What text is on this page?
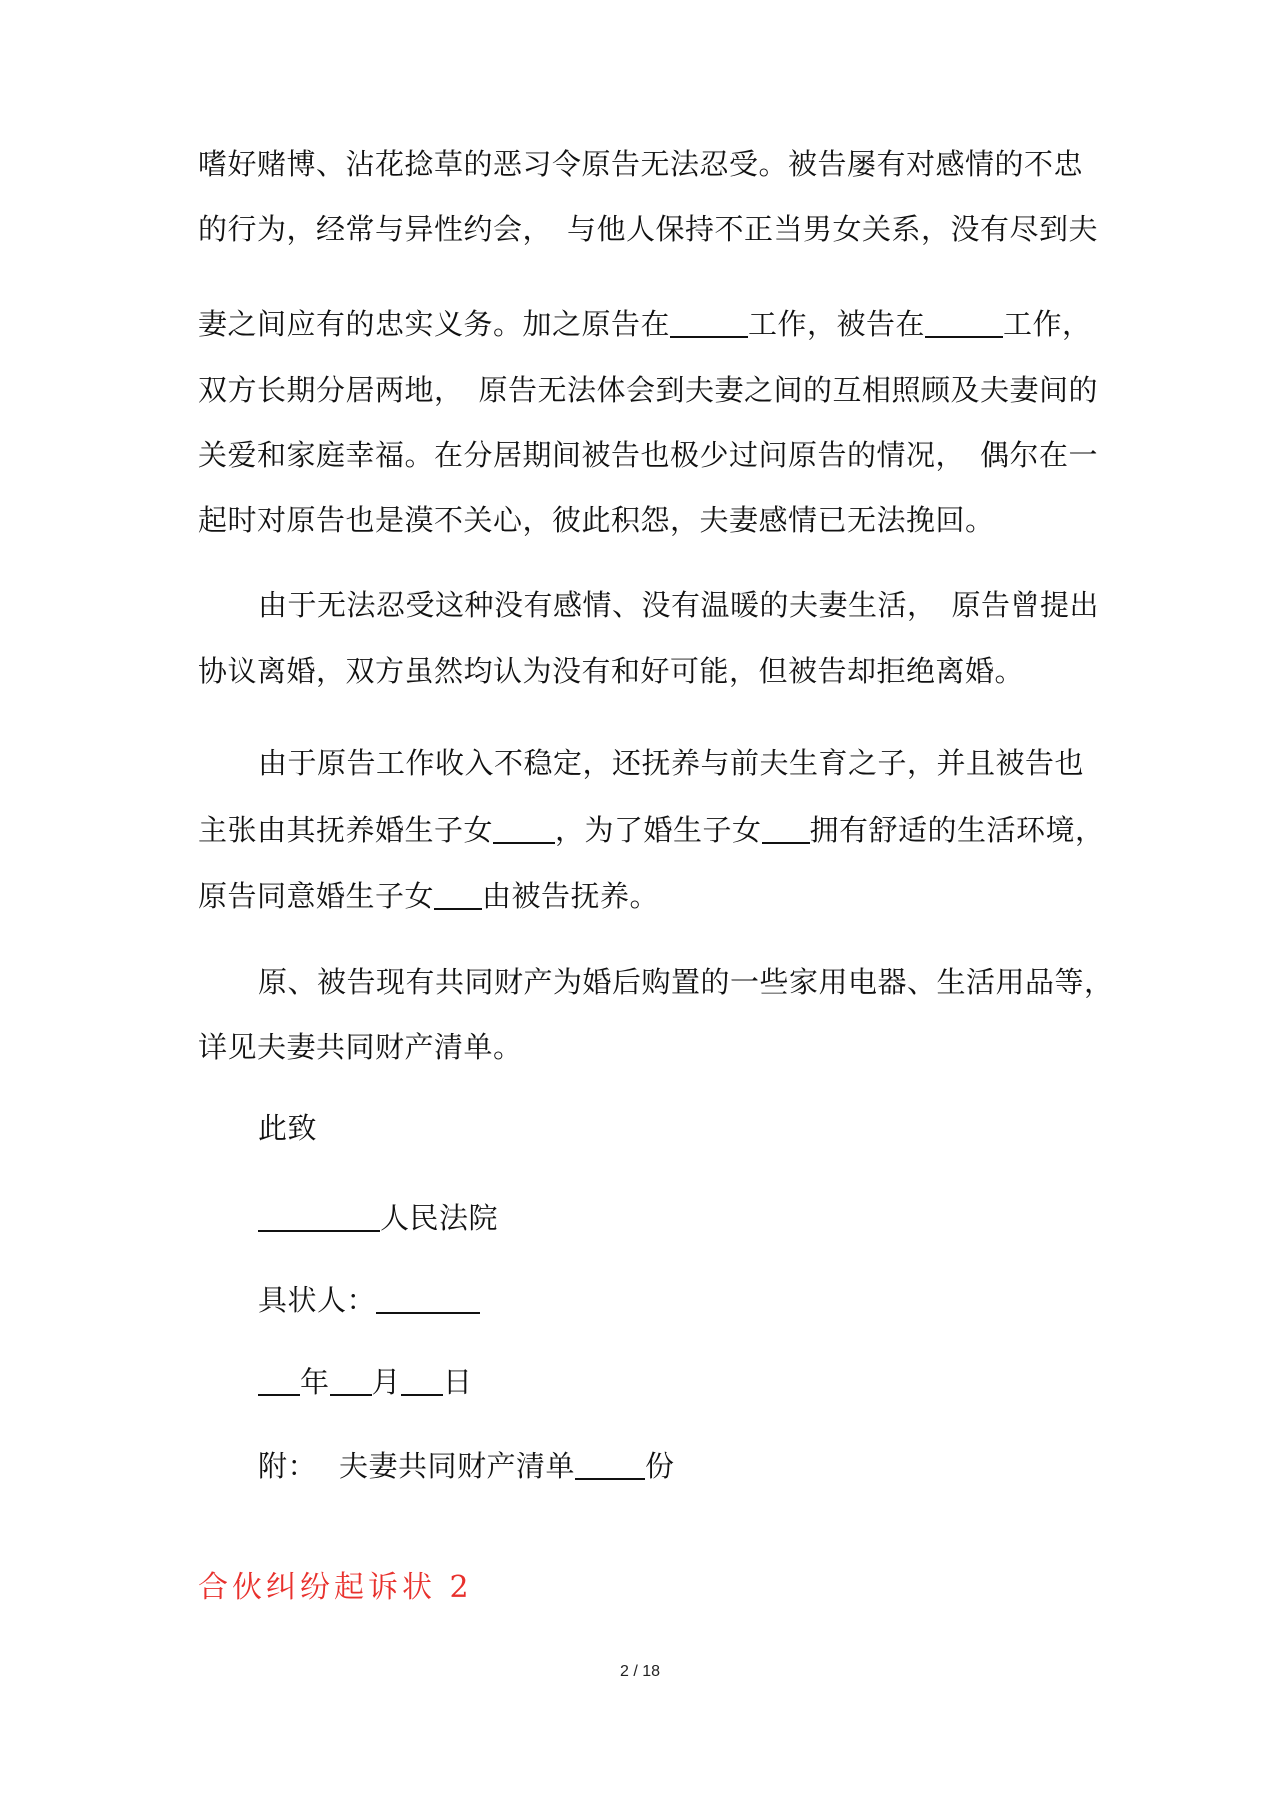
嗜好赌博、沾花捻草的恶习令原告无法忍受。被告屡有对感情的不忠
的行为，经常与异性约会，　与他人保持不正当男女关系，没有尽到夫
妻之间应有的忠实义务。加之原告在	工作，被告在	工作，
双方长期分居两地，　原告无法体会到夫妻之间的互相照顾及夫妻间的
关爱和家庭幸福。在分居期间被告也极少过问原告的情况，　偶尔在一
起时对原告也是漠不关心，彼此积怨，夫妻感情已无法挽回。
由于无法忍受这种没有感情、没有温暖的夫妻生活，　原告曾提出
协议离婚，双方虽然均认为没有和好可能，但被告却拒绝离婚。
由于原告工作收入不稳定，还抚养与前夫生育之子，并且被告也
主张由其抚养婚生子女 ，为了婚生子女 拥有舒适的生活环境，
原告同意婚生子女 由被告抚养。
原、被告现有共同财产为婚后购置的一些家用电器、生活用品等，
详见夫妻共同财产清单。
此致
人民法院
具状人：
年 月 日
附： 夫妻共同财产清单 份
合伙纠纷起诉状 2
2 / 18
